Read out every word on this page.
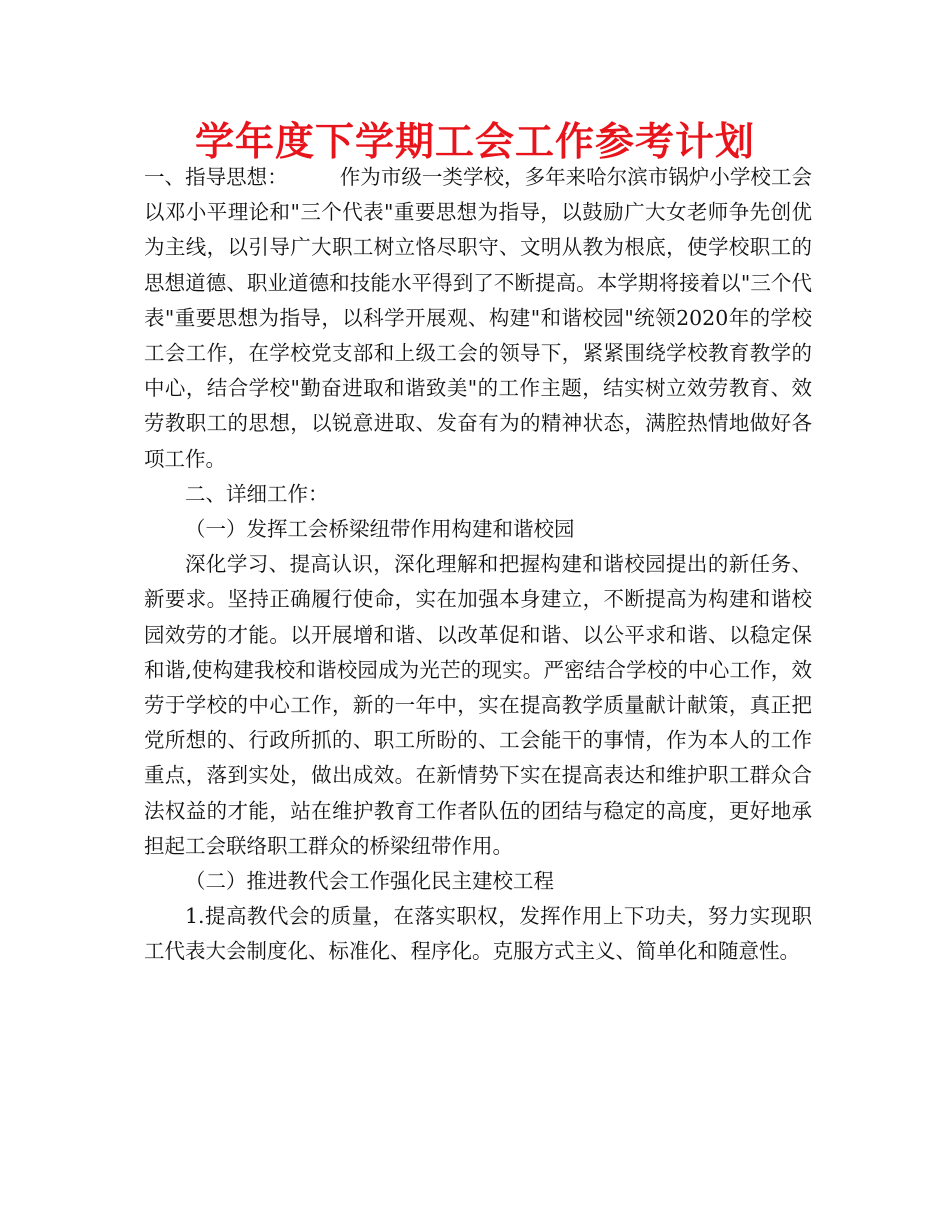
学年度下学期工会工作参考计划

一、指导思想：	作为市级一类学校，多年来哈尔滨市锅炉小学校工会以邓小平理论和"三个代表"重要思想为指导，以鼓励广大女老师争先创优为主线，以引导广大职工树立恪尽职守、文明从教为根底，使学校职工的思想道德、职业道德和技能水平得到了不断提高。本学期将接着以"三个代表"重要思想为指导，以科学开展观、构建"和谐校园"统领2020年的学校工会工作，在学校党支部和上级工会的领导下，紧紧围绕学校教育教学的中心，结合学校"勤奋进取和谐致美"的工作主题，结实树立效劳教育、效劳教职工的思想，以锐意进取、发奋有为的精神状态，满腔热情地做好各项工作。

二、详细工作：

（一）发挥工会桥梁纽带作用构建和谐校园

深化学习、提高认识，深化理解和把握构建和谐校园提出的新任务、新要求。坚持正确履行使命，实在加强本身建立，不断提高为构建和谐校园效劳的才能。以开展增和谐、以改革促和谐、以公平求和谐、以稳定保和谐,使构建我校和谐校园成为光芒的现实。严密结合学校的中心工作，效劳于学校的中心工作，新的一年中，实在提高教学质量献计献策，真正把党所想的、行政所抓的、职工所盼的、工会能干的事情，作为本人的工作重点，落到实处，做出成效。在新情势下实在提高表达和维护职工群众合法权益的才能，站在维护教育工作者队伍的团结与稳定的高度，更好地承担起工会联络职工群众的桥梁纽带作用。

（二）推进教代会工作强化民主建校工程

1.提高教代会的质量，在落实职权，发挥作用上下功夫，努力实现职工代表大会制度化、标准化、程序化。克服方式主义、简单化和随意性。
